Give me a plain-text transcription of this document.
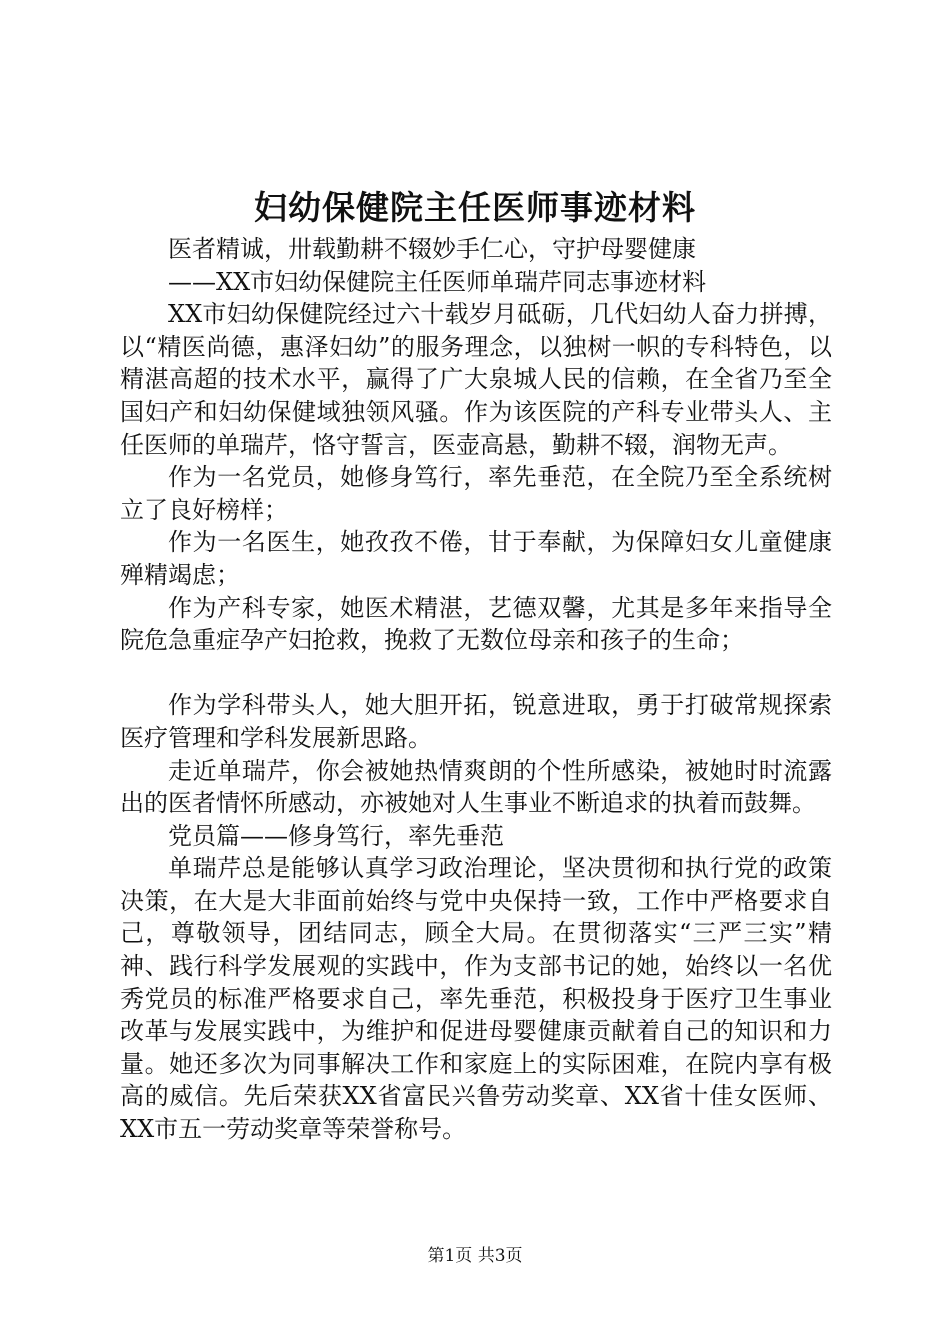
妇幼保健院主任医师事迹材料

医者精诚，卅载勤耕不辍妙手仁心，守护母婴健康

——XX市妇幼保健院主任医师单瑞芹同志事迹材料

XX市妇幼保健院经过六十载岁月砥砺，几代妇幼人奋力拼搏，以“精医尚德，惠泽妇幼”的服务理念，以独树一帜的专科特色，以精湛高超的技术水平，赢得了广大泉城人民的信赖，在全省乃至全国妇产和妇幼保健域独领风骚。作为该医院的产科专业带头人、主任医师的单瑞芹，恪守誓言，医壶高悬，勤耕不辍，润物无声。

作为一名党员，她修身笃行，率先垂范，在全院乃至全系统树立了良好榜样；

作为一名医生，她孜孜不倦，甘于奉献，为保障妇女儿童健康殚精竭虑；

作为产科专家，她医术精湛，艺德双馨，尤其是多年来指导全院危急重症孕产妇抢救，挽救了无数位母亲和孩子的生命；

作为学科带头人，她大胆开拓，锐意进取，勇于打破常规探索医疗管理和学科发展新思路。

走近单瑞芹，你会被她热情爽朗的个性所感染，被她时时流露出的医者情怀所感动，亦被她对人生事业不断追求的执着而鼓舞。

党员篇——修身笃行，率先垂范

单瑞芹总是能够认真学习政治理论，坚决贯彻和执行党的政策决策，在大是大非面前始终与党中央保持一致，工作中严格要求自己，尊敬领导，团结同志，顾全大局。在贯彻落实“三严三实”精神、践行科学发展观的实践中，作为支部书记的她，始终以一名优秀党员的标准严格要求自己，率先垂范，积极投身于医疗卫生事业改革与发展实践中，为维护和促进母婴健康贡献着自己的知识和力量。她还多次为同事解决工作和家庭上的实际困难，在院内享有极高的威信。先后荣获XX省富民兴鲁劳动奖章、XX省十佳女医师、XX市五一劳动奖章等荣誉称号。

第1页 共3页
